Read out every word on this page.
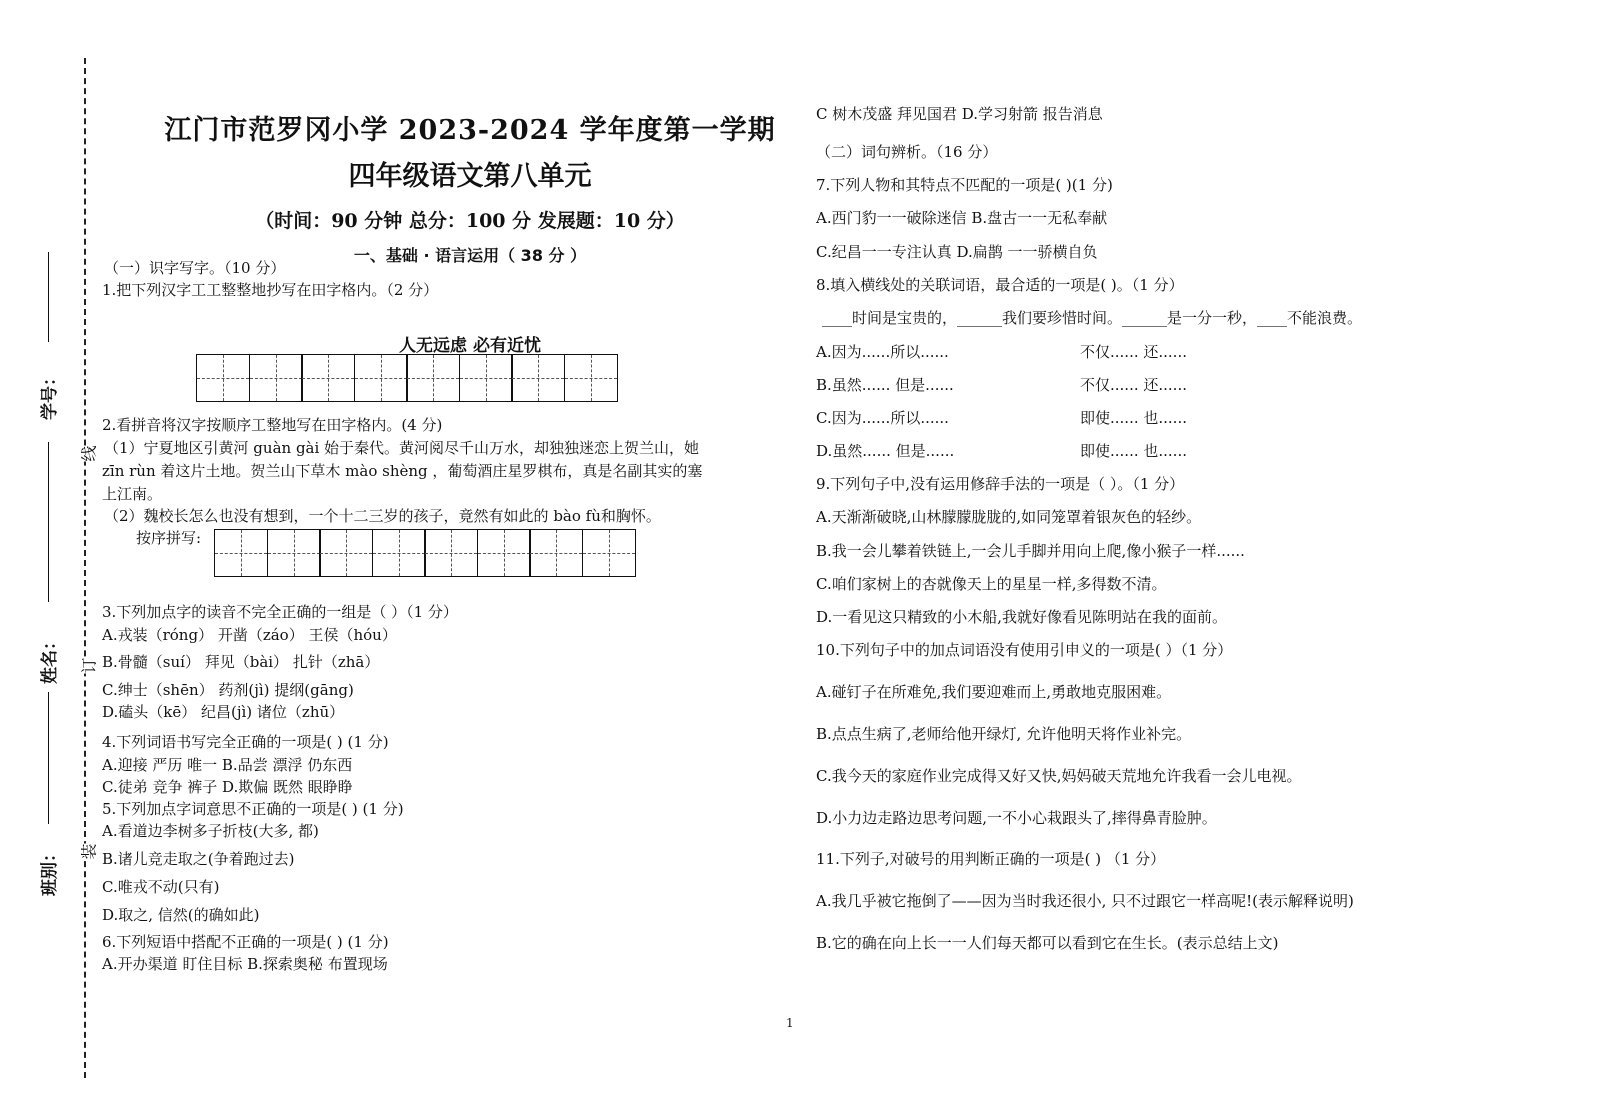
学号：
姓名：
班别：
线
订
装
江门市范罗冈小学 2023-2024 学年度第一学期
四年级语文第八单元
（时间：90 分钟 总分：100 分 发展题：10 分）
一、基础 · 语言运用（ 38 分 ）
（一）识字写字。（10 分）
1.把下列汉字工工整整地抄写在田字格内。（2 分）
人无远虑 必有近忧
2.看拼音将汉字按顺序工整地写在田字格内。(4 分)
（1）宁夏地区引黄河 guàn gài 始于秦代。黄河阅尽千山万水，却独独迷恋上贺兰山，她
zīn rùn 着这片土地。贺兰山下草木 mào shèng ，葡萄酒庄星罗棋布，真是名副其实的塞
上江南。
（2）魏校长怎么也没有想到，一个十二三岁的孩子，竟然有如此的 bào fù和胸怀。
按序拼写:
3.下列加点字的读音不完全正确的一组是（ ）（1 分）
A.戎装（róng） 开凿（záo） 王侯（hóu）
B.骨髓（suí） 拜见（bài） 扎针（zhā）
C.绅士（shēn） 药剂(jì) 提纲(gāng)
D.磕头（kē） 纪昌(jì) 诸位（zhū）
4.下列词语书写完全正确的一项是( ) (1 分)
A.迎接 严历 唯一 B.品尝 漂浮 仍东西
C.徒弟 竞争 裤子 D.欺偏 既然 眼睁睁
5.下列加点字词意思不正确的一项是( ) (1 分)
A.看道边李树多子折枝(大多, 都)
B.诸儿竞走取之(争着跑过去)
C.唯戎不动(只有)
D.取之, 信然(的确如此)
6.下列短语中搭配不正确的一项是( ) (1 分)
A.开办渠道 盯住目标 B.探索奥秘 布置现场
C 树木茂盛 拜见国君 D.学习射箭 报告消息
（二）词句辨析。（16 分）
7.下列人物和其特点不匹配的一项是( )(1 分)
A.西门豹一一破除迷信 B.盘古一一无私奉献
C.纪昌一一专注认真 D.扁鹊 一一骄横自负
8.填入横线处的关联词语，最合适的一项是( )。（1 分）
____时间是宝贵的，______我们要珍惜时间。______是一分一秒，____不能浪费。
A.因为......所以......	不仅...... 还......
B.虽然...... 但是......	不仅...... 还......
C.因为......所以......	即使...... 也......
D.虽然...... 但是......	即使...... 也......
9.下列句子中,没有运用修辞手法的一项是（ ）。（1 分）
A.天渐渐破晓,山林朦朦胧胧的,如同笼罩着银灰色的轻纱。
B.我一会儿攀着铁链上,一会儿手脚并用向上爬,像小猴子一样......
C.咱们家树上的杏就像天上的星星一样,多得数不清。
D.一看见这只精致的小木船,我就好像看见陈明站在我的面前。
10.下列句子中的加点词语没有使用引申义的一项是( ）（1 分）
A.碰钉子在所难免,我们要迎难而上,勇敢地克服困难。
B.点点生病了,老师给他开绿灯, 允许他明天将作业补完。
C.我今天的家庭作业完成得又好又快,妈妈破天荒地允许我看一会儿电视。
D.小力边走路边思考问题,一不小心栽跟头了,摔得鼻青脸肿。
11.下列子,对破号的用判断正确的一项是( ) （1 分）
A.我几乎被它拖倒了——因为当时我还很小, 只不过跟它一样高呢!(表示解释说明)
B.它的确在向上长一一人们每天都可以看到它在生长。(表示总结上文)
1
